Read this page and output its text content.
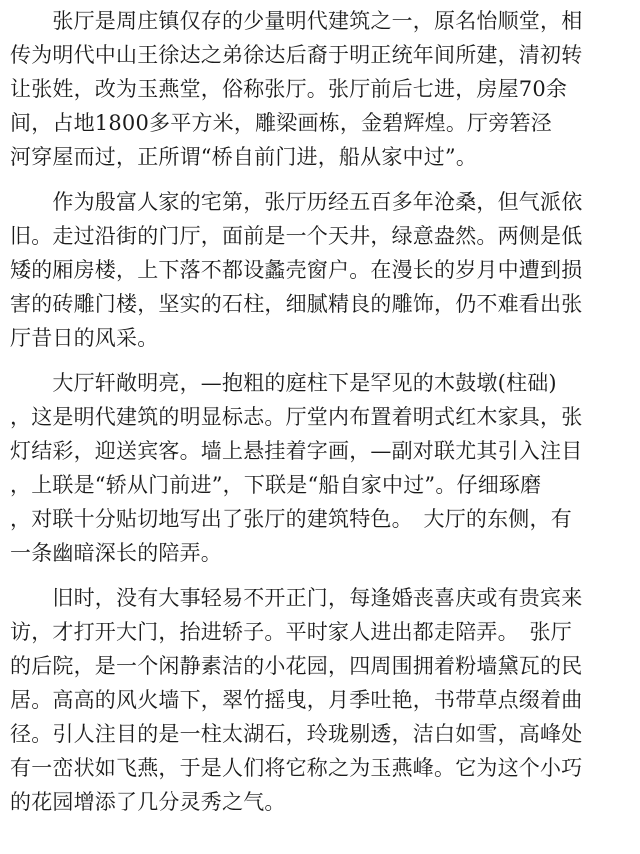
　　张厅是周庄镇仅存的少量明代建筑之一，原名怡顺堂，相
传为明代中山王徐达之弟徐达后裔于明正统年间所建，清初转
让张姓，改为玉燕堂，俗称张厅。张厅前后七进，房屋70余
间，占地1800多平方米，雕梁画栋，金碧辉煌。厅旁箬泾
河穿屋而过，正所谓“桥自前门进，船从家中过”。

　　作为殷富人家的宅第，张厅历经五百多年沧桑，但气派依
旧。走过沿街的门厅，面前是一个天井，绿意盎然。两侧是低
矮的厢房楼，上下落不都设蠡壳窗户。在漫长的岁月中遭到损
害的砖雕门楼，坚实的石柱，细腻精良的雕饰，仍不难看出张
厅昔日的风采。

　　大厅轩敞明亮，—抱粗的庭柱下是罕见的木鼓墩(柱础)
，这是明代建筑的明显标志。厅堂内布置着明式红木家具，张
灯结彩，迎送宾客。墙上悬挂着字画，—副对联尤其引入注目
，上联是“轿从门前进”，下联是“船自家中过”。仔细琢磨
，对联十分贴切地写出了张厅的建筑特色。　大厅的东侧，有
一条幽暗深长的陪弄。

　　旧时，没有大事轻易不开正门，每逢婚丧喜庆或有贵宾来
访，才打开大门，抬进轿子。平时家人进出都走陪弄。　张厅
的后院，是一个闲静素洁的小花园，四周围拥着粉墙黛瓦的民
居。高高的风火墙下，翠竹摇曳，月季吐艳，书带草点缀着曲
径。引人注目的是一柱太湖石，玲珑剔透，洁白如雪，高峰处
有一峦状如飞燕，于是人们将它称之为玉燕峰。它为这个小巧
的花园增添了几分灵秀之气。
